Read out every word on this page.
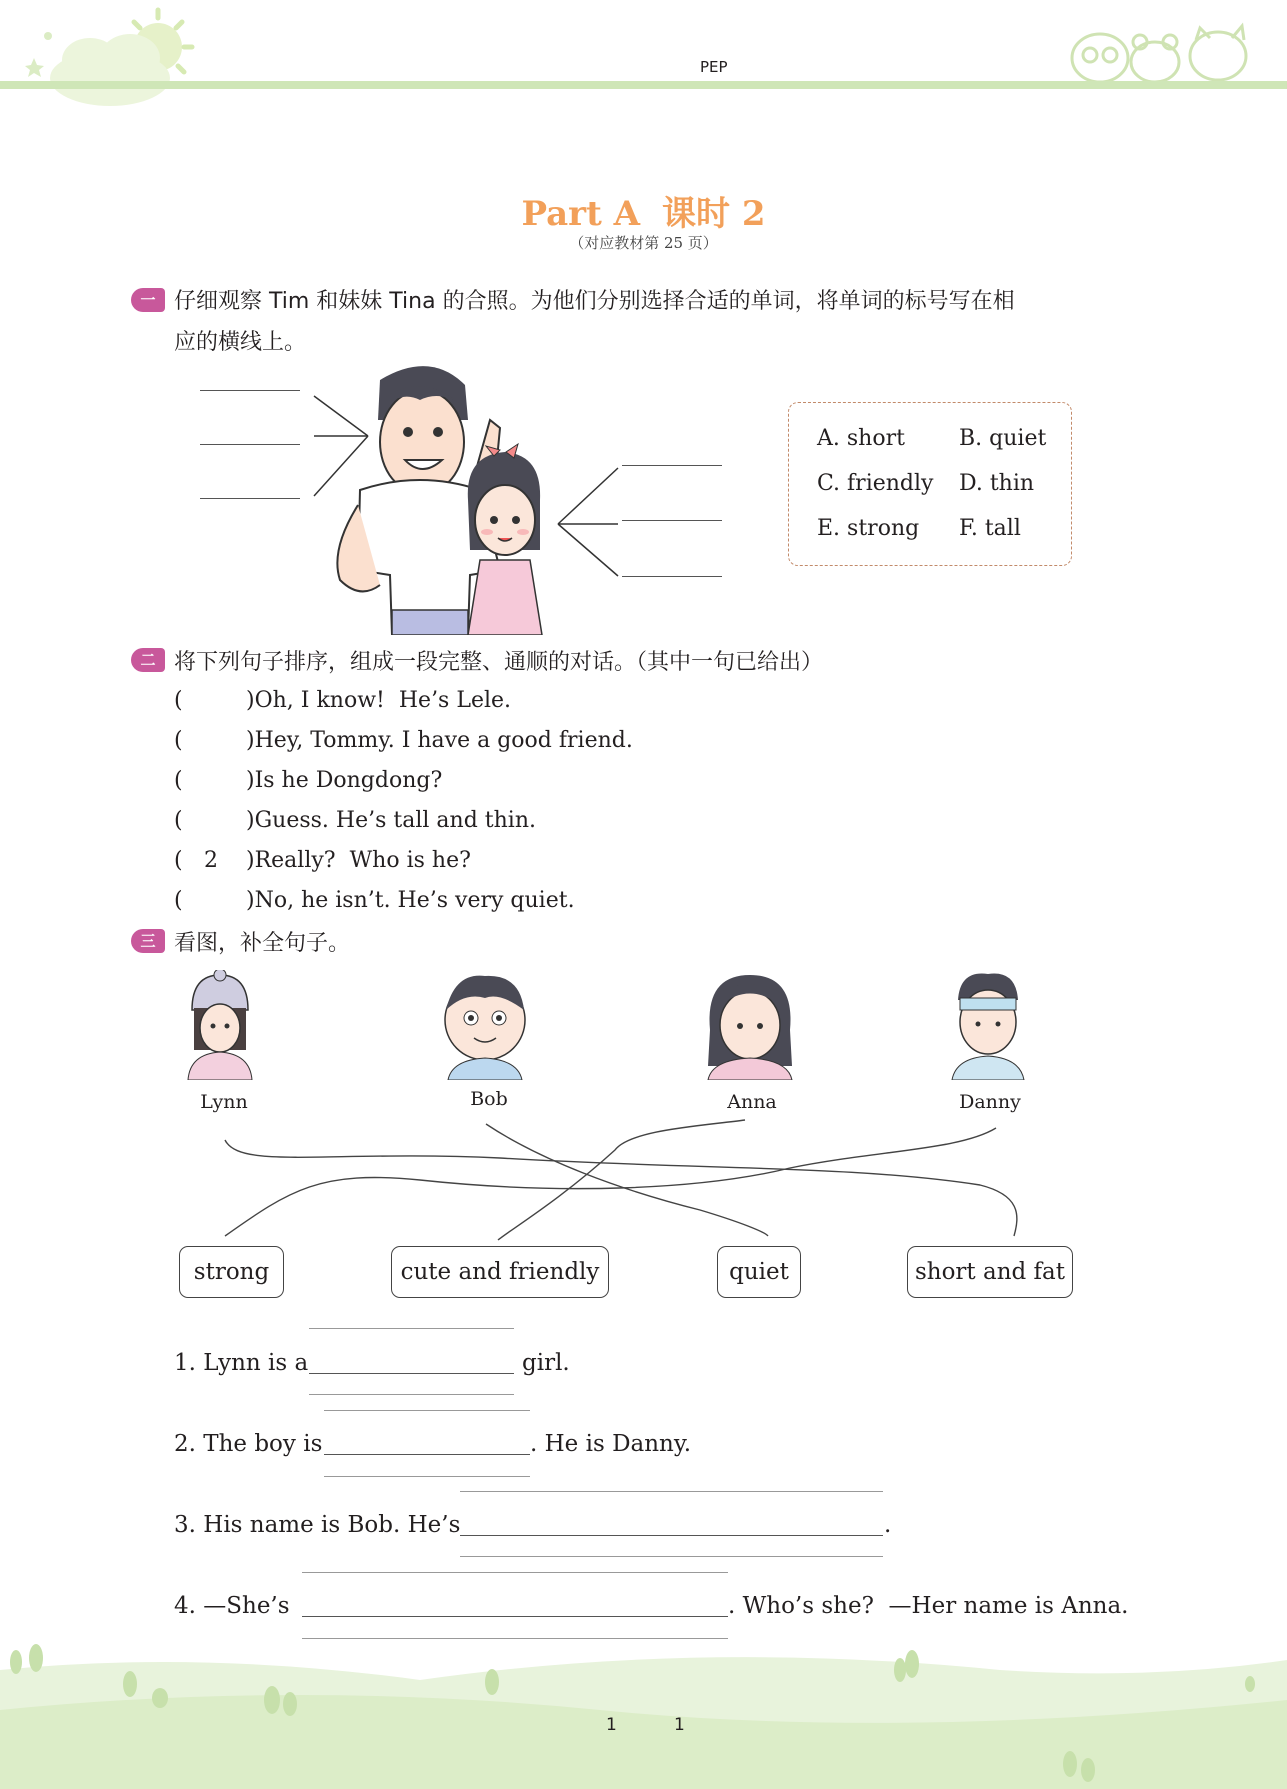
PEP
Part A 课时 2
（对应教材第 25 页）
一 仔细观察 Tim 和妹妹 Tina 的合照。为他们分别选择合适的单词，将单词的标号写在相
应的横线上。
A. short B. quiet
C. friendly D. thin
E. strong F. tall
二 将下列句子排序，组成一段完整、通顺的对话。（其中一句已给出）
(	)Oh, I know!  He’s Lele.
(	)Hey, Tommy. I have a good friend.
(	)Is he Dongdong?
(	)Guess. He’s tall and thin.
( 2 )Really?  Who is he?
(	)No, he isn’t. He’s very quiet.
三 看图，补全句子。
Lynn	Bob	Anna	Danny
strong	cute and friendly	quiet	short and fat
1. Lynn is a	girl.
2. The boy is	. He is Danny.
3. His name is Bob. He’s	.
4. —She’s	. Who’s she?  —Her name is Anna.
1	1
